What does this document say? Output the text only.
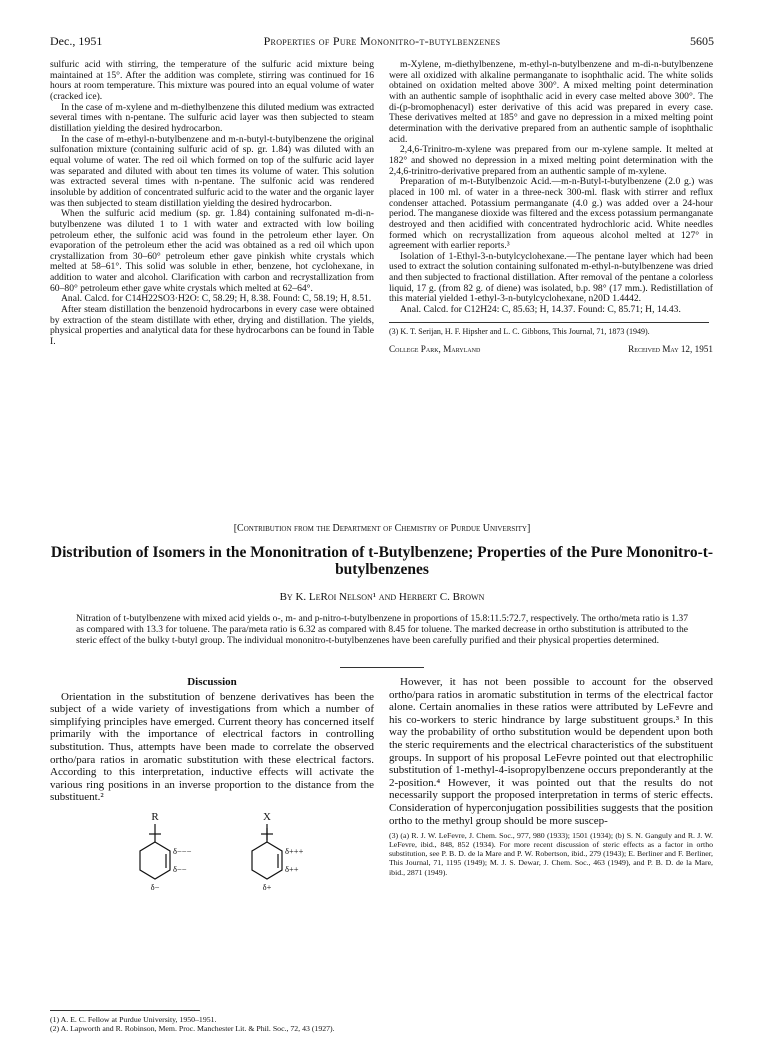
Dec., 1951	Properties of Pure Mononitro-t-butylbenzenes	5605

sulfuric acid with stirring, the temperature of the sulfuric acid mixture being maintained at 15°. After the addition was complete, stirring was continued for 16 hours at room temperature. This mixture was poured into an equal volume of water (cracked ice).

In the case of m-xylene and m-diethylbenzene this diluted medium was extracted several times with n-pentane. The sulfuric acid layer was then subjected to steam distillation yielding the desired hydrocarbon.

In the case of m-ethyl-n-butylbenzene and m-n-butyl-t-butylbenzene the original sulfonation mixture (containing sulfuric acid of sp. gr. 1.84) was diluted with an equal volume of water. The red oil which formed on top of the sulfuric acid layer was separated and diluted with about ten times its volume of water. This solution was extracted several times with n-pentane. The sulfonic acid was rendered insoluble by addition of concentrated sulfuric acid to the water and the organic layer was then subjected to steam distillation yielding the desired hydrocarbon.

When the sulfuric acid medium (sp. gr. 1.84) containing sulfonated m-di-n-butylbenzene was diluted 1 to 1 with water and extracted with low boiling petroleum ether, the sulfonic acid was found in the petroleum ether layer. On evaporation of the petroleum ether the acid was obtained as a red oil which upon crystallization from 30–60° petroleum ether gave pinkish white crystals which melted at 58–61°. This solid was soluble in ether, benzene, hot cyclohexane, in addition to water and alcohol. Clarification with carbon and recrystallization from 60–80° petroleum ether gave white crystals which melted at 62–64°.

Anal. Calcd. for C14H22SO3·H2O: C, 58.29; H, 8.38. Found: C, 58.19; H, 8.51.

After steam distillation the benzenoid hydrocarbons in every case were obtained by extraction of the steam distillate with ether, drying and distillation. The yields, physical properties and analytical data for these hydrocarbons can be found in Table I.

m-Xylene, m-diethylbenzene, m-ethyl-n-butylbenzene and m-di-n-butylbenzene were all oxidized with alkaline permanganate to isophthalic acid. The white solids obtained on oxidation melted above 300°. A mixed melting point determination with an authentic sample of isophthalic acid in every case melted above 300°. The di-(p-bromophenacyl) ester derivative of this acid was prepared in every case. These derivatives melted at 185° and gave no depression in a mixed melting point determination with the derivative prepared from an authentic sample of isophthalic acid.

2,4,6-Trinitro-m-xylene was prepared from our m-xylene sample. It melted at 182° and showed no depression in a mixed melting point determination with the 2,4,6-trinitro-derivative prepared from an authentic sample of m-xylene.

Preparation of m-t-Butylbenzoic Acid.—m-n-Butyl-t-butylbenzene (2.0 g.) was placed in 100 ml. of water in a three-neck 300-ml. flask with stirrer and reflux condenser attached. Potassium permanganate (4.0 g.) was added over a 24-hour period. The manganese dioxide was filtered and the excess potassium permanganate destroyed and then acidified with concentrated hydrochloric acid. White needles formed which on recrystallization from aqueous alcohol melted at 127° in agreement with earlier reports.³

Isolation of 1-Ethyl-3-n-butylcyclohexane.—The pentane layer which had been used to extract the solution containing sulfonated m-ethyl-n-butylbenzene was dried and then subjected to fractional distillation. After removal of the pentane a colorless liquid, 17 g. (from 82 g. of diene) was isolated, b.p. 98° (17 mm.). Redistillation of this material yielded 1-ethyl-3-n-butylcyclohexane, n20D 1.4442.

Anal. Calcd. for C12H24: C, 85.63; H, 14.37. Found: C, 85.71; H, 14.43.

(3) K. T. Serijan, H. F. Hipsher and L. C. Gibbons, This Journal, 71, 1873 (1949).
College Park, Maryland	Received May 12, 1951
[Contribution from the Department of Chemistry of Purdue University]
Distribution of Isomers in the Mononitration of t-Butylbenzene; Properties of the Pure Mononitro-t-butylbenzenes
By K. LeRoi Nelson¹ and Herbert C. Brown
Nitration of t-butylbenzene with mixed acid yields o-, m- and p-nitro-t-butylbenzene in proportions of 15.8:11.5:72.7, respectively. The ortho/meta ratio is 1.37 as compared with 13.3 for toluene. The para/meta ratio is 6.32 as compared with 8.45 for toluene. The marked decrease in ortho substitution is attributed to the steric effect of the bulky t-butyl group. The individual mononitro-t-butylbenzenes have been carefully purified and their physical properties determined.
Discussion

Orientation in the substitution of benzene derivatives has been the subject of a wide variety of investigations from which a number of simplifying principles have emerged. Current theory has concerned itself primarily with the importance of electrical factors in controlling substitution. Thus, attempts have been made to correlate the observed ortho/para ratios in aromatic substitution with these electrical factors. According to this interpretation, inductive effects will activate the various ring positions in an inverse proportion to the distance from the substituent.²

R	X
δ−−−
δ−−
δ−
δ+++
δ++
δ+
(1) A. E. C. Fellow at Purdue University, 1950–1951.
(2) A. Lapworth and R. Robinson, Mem. Proc. Manchester Lit. & Phil. Soc., 72, 43 (1927).

However, it has not been possible to account for the observed ortho/para ratios in aromatic substitution in terms of the electrical factor alone. Certain anomalies in these ratios were attributed by LeFevre and his co-workers to steric hindrance by large substituent groups.³ In this way the probability of ortho substitution would be dependent upon both the steric requirements and the electrical characteristics of the substituent groups. In support of his proposal LeFevre pointed out that electrophilic substitution of 1-methyl-4-isopropylbenzene occurs preponderantly at the 2-position.⁴ However, it was pointed out that the results do not necessarily support the proposed interpretation in terms of steric effects. Consideration of hyperconjugation possibilities suggests that the position ortho to the methyl group should be more suscep-

(3) (a) R. J. W. LeFevre, J. Chem. Soc., 977, 980 (1933); 1501 (1934); (b) S. N. Ganguly and R. J. W. LeFevre, ibid., 848, 852 (1934). For more recent discussion of steric effects as a factor in ortho substitution, see P. B. D. de la Mare and P. W. Robertson, ibid., 279 (1943); E. Berliner and F. Berliner, This Journal, 71, 1195 (1949); M. J. S. Dewar, J. Chem. Soc., 463 (1949), and P. B. D. de la Mare, ibid., 2871 (1949).
